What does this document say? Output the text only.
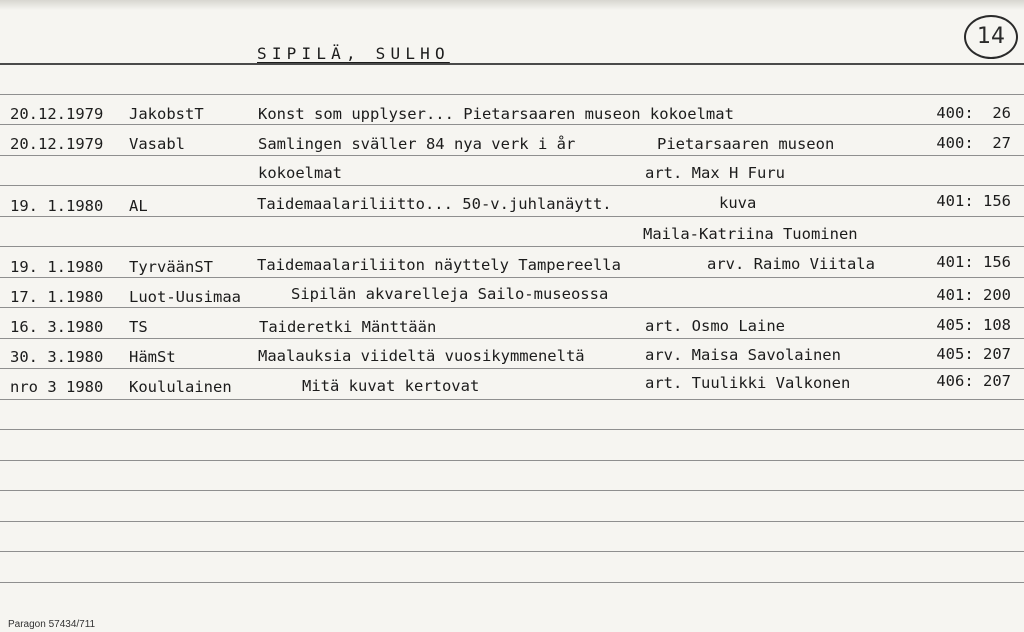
SIPILÄ, SULHO
14
20.12.1979 JakobstT	Konst som upplyser... Pietarsaaren museon kokoelmat	400:  26
20.12.1979 Vasabl	Samlingen sväller 84 nya verk i år	Pietarsaaren museon	400:  27
kokoelmat	art. Max H Furu
19. 1.1980 AL	Taidemaalariliitto... 50-v.juhlanäytt.	kuva	401: 156
Maila-Katriina Tuominen
19. 1.1980 TyrväänST	Taidemaalariliiton näyttely Tampereella	arv. Raimo Viitala	401: 156
17. 1.1980 Luot-Uusimaa	Sipilän akvarelleja Sailo-museossa	401: 200
16. 3.1980 TS	Taideretki Mänttään	art. Osmo Laine	405: 108
30. 3.1980 HämSt	Maalauksia viideltä vuosikymmeneltä	arv. Maisa Savolainen	405: 207
nro 3 1980 Koululainen	Mitä kuvat kertovat	art. Tuulikki Valkonen	406: 207
Paragon 57434/711
